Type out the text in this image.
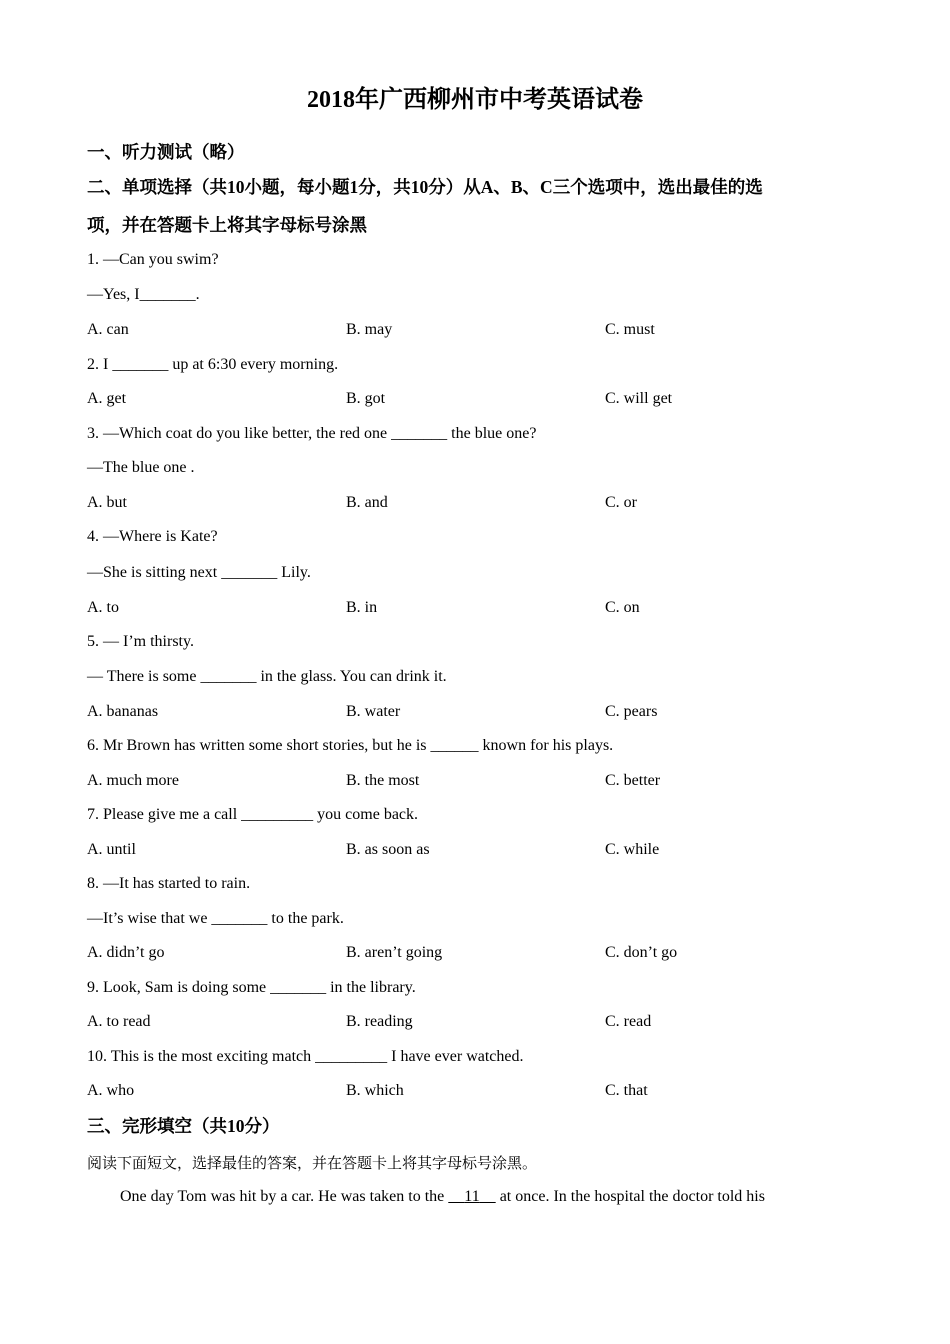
2018年广西柳州市中考英语试卷
一、听力测试（略）
二、单项选择（共10小题，每小题1分，共10分）从A、B、C三个选项中，选出最佳的选
项，并在答题卡上将其字母标号涂黑
1. —Can you swim?
—Yes, I_______.
A. can	B. may	C. must
2. I _______ up at 6:30 every morning.
A. get	B. got	C. will get
3. —Which coat do you like better, the red one _______ the blue one?
—The blue one .
A. but	B. and	C. or
4. —Where is Kate?
—She is sitting next _______ Lily.
A. to	B. in	C. on
5. — I’m thirsty.
— There is some _______ in the glass. You can drink it.
A. bananas	B. water	C. pears
6. Mr Brown has written some short stories, but he is ______ known for his plays.
A. much more	B. the most	C. better
7. Please give me a call _________ you come back.
A. until	B. as soon as	C. while
8. —It has started to rain.
—It’s wise that we _______ to the park.
A. didn’t go	B. aren’t going	C. don’t go
9. Look, Sam is doing some _______ in the library.
A. to read	B. reading	C. read
10. This is the most exciting match _________ I have ever watched.
A. who	B. which	C. that
三、完形填空（共10分）
阅读下面短文，选择最佳的答案，并在答题卡上将其字母标号涂黑。
One day Tom was hit by a car. He was taken to the 11 at once. In the hospital the doctor told his
